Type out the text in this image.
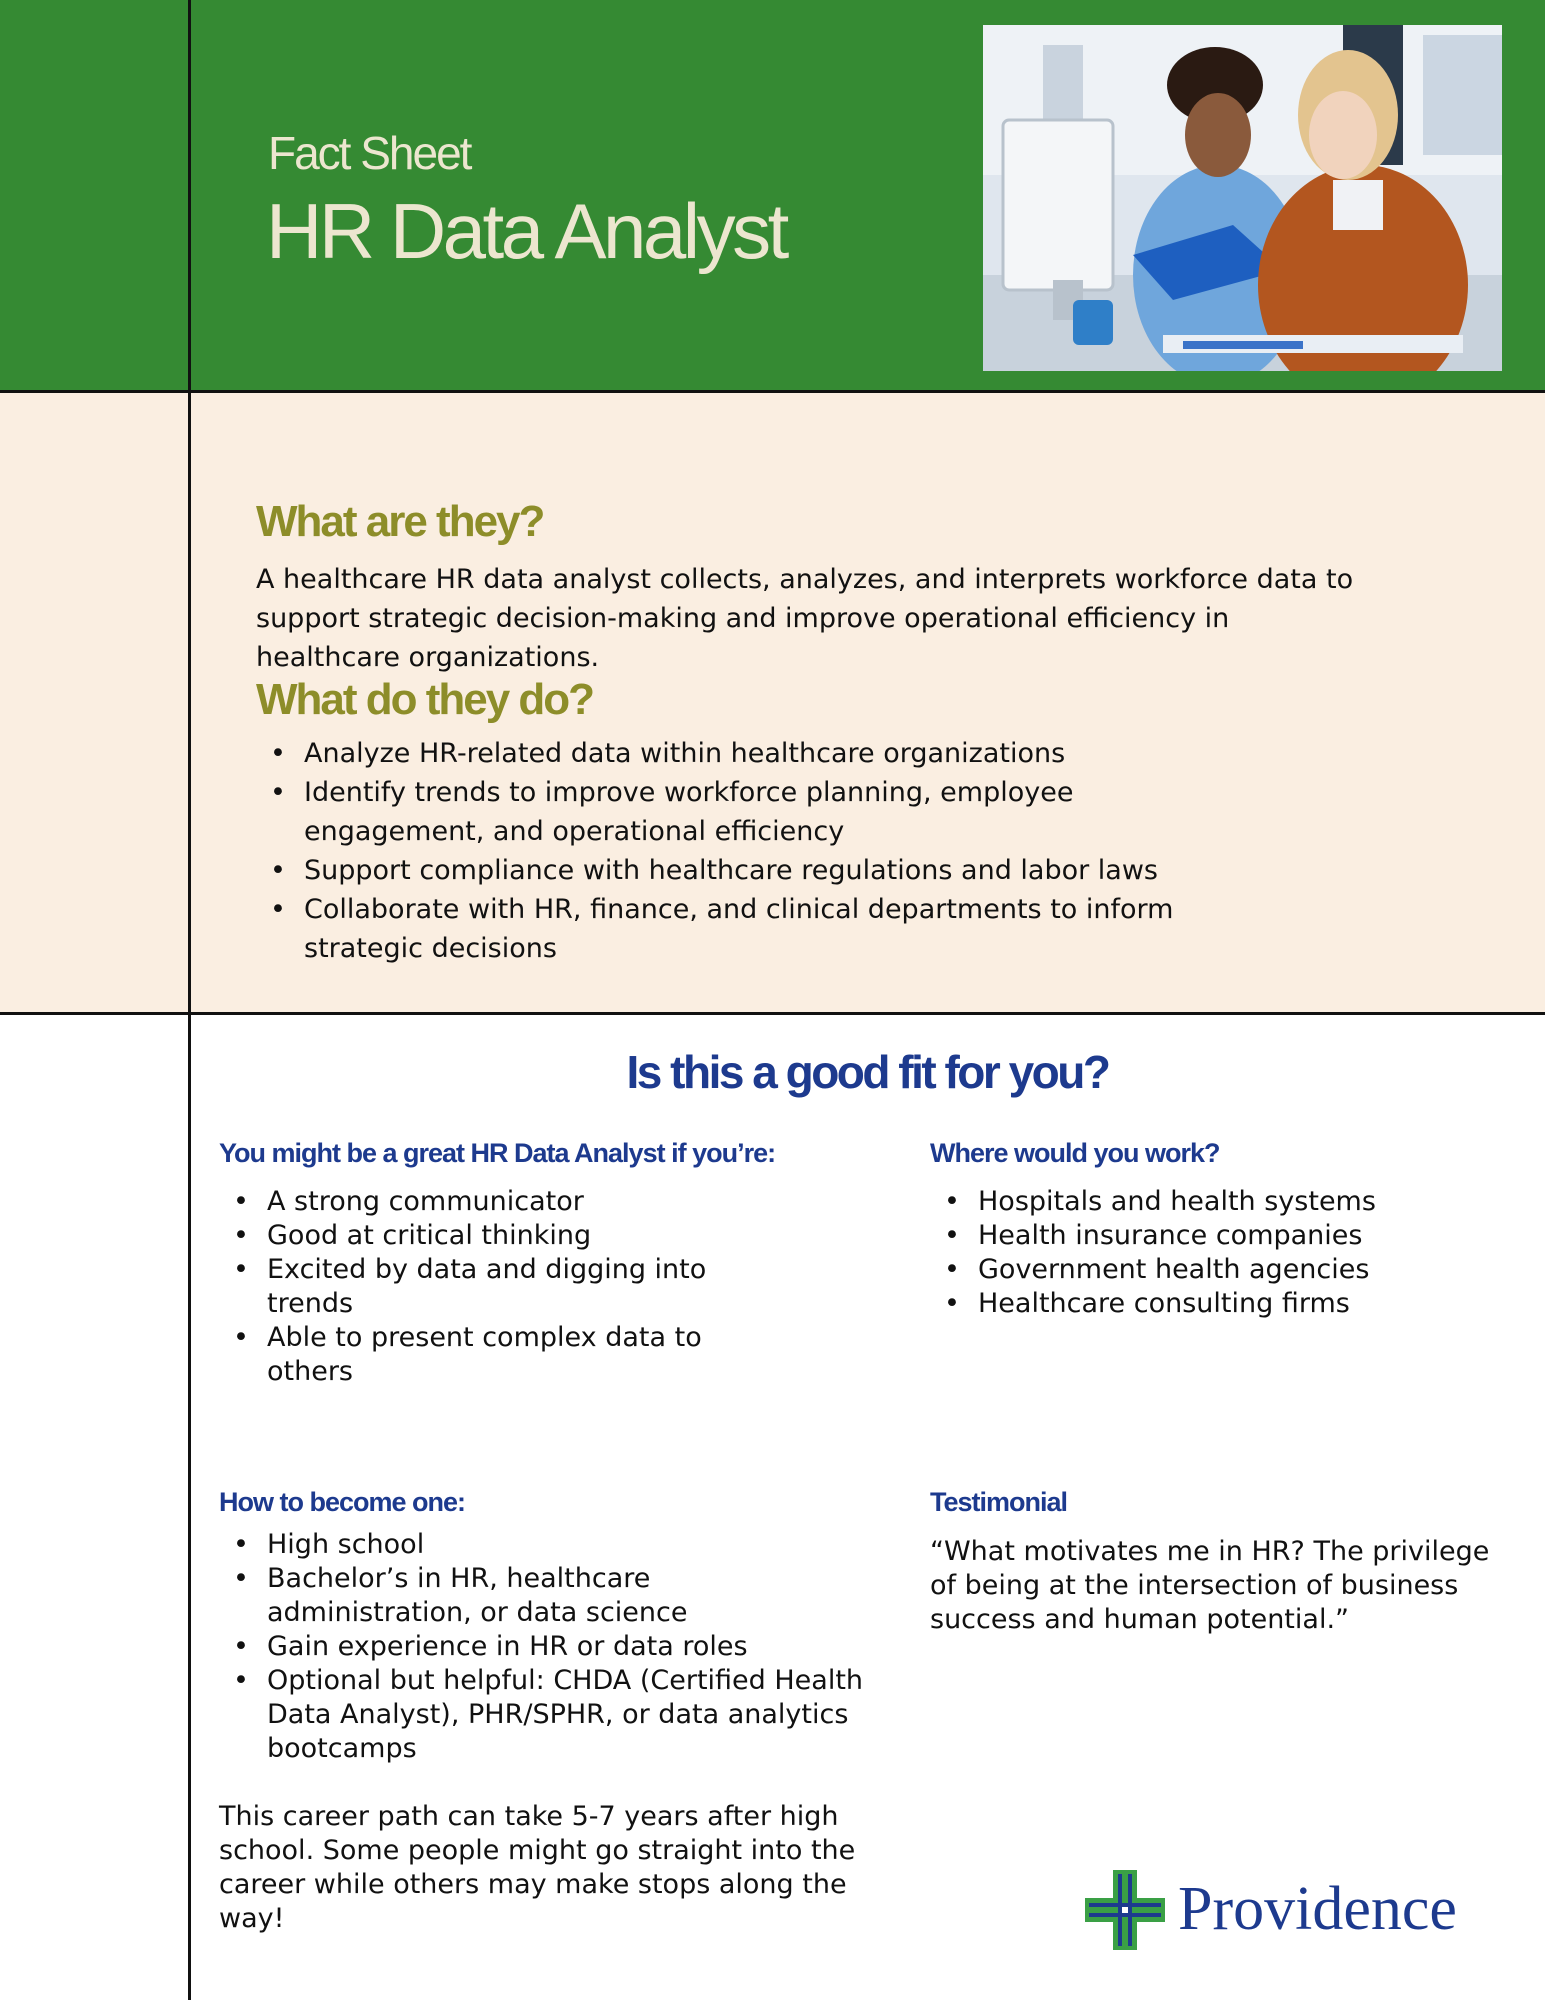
Fact Sheet
HR Data Analyst
What are they?

A healthcare HR data analyst collects, analyzes, and interprets workforce data to support strategic decision-making and improve operational efficiency in healthcare organizations.

What do they do?
• Analyze HR-related data within healthcare organizations
• Identify trends to improve workforce planning, employee engagement, and operational efficiency
• Support compliance with healthcare regulations and labor laws
• Collaborate with HR, finance, and clinical departments to inform strategic decisions
Is this a good fit for you?
You might be a great HR Data Analyst if you’re:
• A strong communicator
• Good at critical thinking
• Excited by data and digging into trends
• Able to present complex data to others
Where would you work?
• Hospitals and health systems
• Health insurance companies
• Government health agencies
• Healthcare consulting firms
How to become one:
• High school
• Bachelor’s in HR, healthcare administration, or data science
• Gain experience in HR or data roles
• Optional but helpful: CHDA (Certified Health Data Analyst), PHR/SPHR, or data analytics bootcamps

This career path can take 5-7 years after high school. Some people might go straight into the career while others may make stops along the way!

Testimonial

“What motivates me in HR? The privilege of being at the intersection of business success and human potential.”

Providence
